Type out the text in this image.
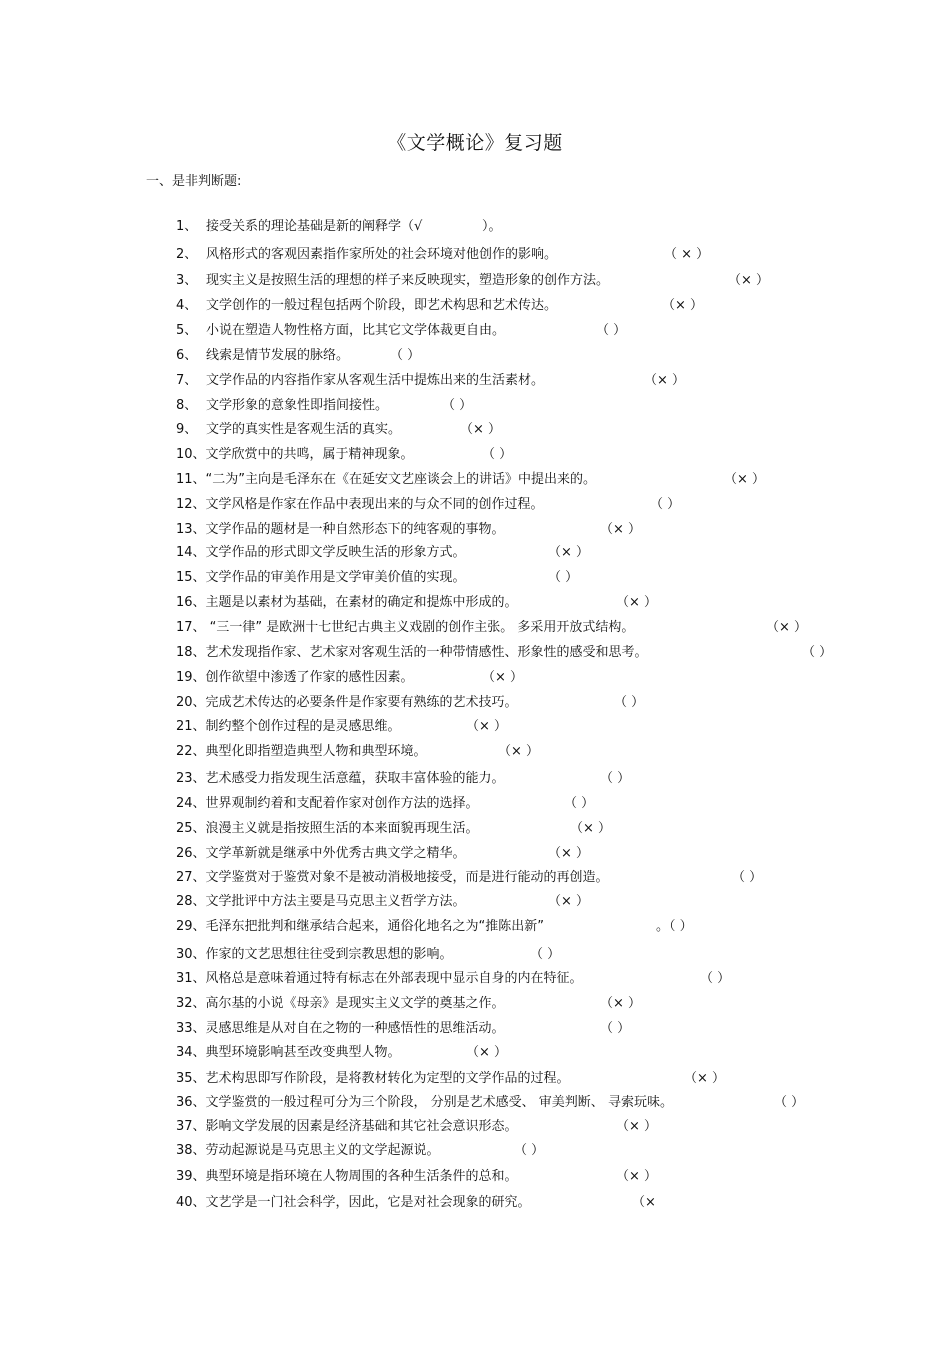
《文学概论》复习题
一、是非判断题:
1、 接受关系的理论基础是新的阐释学（√	）。
2、 风格形式的客观因素指作家所处的社会环境对他创作的影响。	（ × ）
3、 现实主义是按照生活的理想的样子来反映现实，塑造形象的创作方法。	（× ）
4、 文学创作的一般过程包括两个阶段，即艺术构思和艺术传达。	（× ）
5、 小说在塑造人物性格方面，比其它文学体裁更自由。	（ ）
6、 线索是情节发展的脉络。	（ ）
7、 文学作品的内容指作家从客观生活中提炼出来的生活素材。	（× ）
8、 文学形象的意象性即指间接性。	（ ）
9、 文学的真实性是客观生活的真实。	（× ）
10、文学欣赏中的共鸣，属于精神现象。	（ ）
11、“二为”主向是毛泽东在《在延安文艺座谈会上的讲话》中提出来的。	（× ）
12、文学风格是作家在作品中表现出来的与众不同的创作过程。	（ ）
13、文学作品的题材是一种自然形态下的纯客观的事物。	（× ）
14、文学作品的形式即文学反映生活的形象方式。	（× ）
15、文学作品的审美作用是文学审美价值的实现。	（ ）
16、主题是以素材为基础，在素材的确定和提炼中形成的。	（× ）
17、 “三一律” 是欧洲十七世纪古典主义戏剧的创作主张。 多采用开放式结构。	（× ）
18、艺术发现指作家、艺术家对客观生活的一种带情感性、形象性的感受和思考。	（ ）
19、创作欲望中渗透了作家的感性因素。	（× ）
20、完成艺术传达的必要条件是作家要有熟练的艺术技巧。	（ ）
21、制约整个创作过程的是灵感思维。	（× ）
22、典型化即指塑造典型人物和典型环境。	（× ）
23、艺术感受力指发现生活意蕴，获取丰富体验的能力。	（ ）
24、世界观制约着和支配着作家对创作方法的选择。	（ ）
25、浪漫主义就是指按照生活的本来面貌再现生活。	（× ）
26、文学革新就是继承中外优秀古典文学之精华。	（× ）
27、文学鉴赏对于鉴赏对象不是被动消极地接受，而是进行能动的再创造。	（ ）
28、文学批评中方法主要是马克思主义哲学方法。	（× ）
29、毛泽东把批判和继承结合起来，通俗化地名之为“推陈出新”	。（ ）
30、作家的文艺思想往往受到宗教思想的影响。	（ ）
31、风格总是意味着通过特有标志在外部表现中显示自身的内在特征。	（ ）
32、高尔基的小说《母亲》是现实主义文学的奠基之作。	（× ）
33、灵感思维是从对自在之物的一种感悟性的思维活动。	（ ）
34、典型环境影响甚至改变典型人物。	（× ）
35、艺术构思即写作阶段，是将教材转化为定型的文学作品的过程。	（× ）
36、文学鉴赏的一般过程可分为三个阶段， 分别是艺术感受、 审美判断、 寻索玩味。	（ ）
37、影响文学发展的因素是经济基础和其它社会意识形态。	（× ）
38、劳动起源说是马克思主义的文学起源说。	（ ）
39、典型环境是指环境在人物周围的各种生活条件的总和。	（× ）
40、文艺学是一门社会科学，因此，它是对社会现象的研究。	（×
